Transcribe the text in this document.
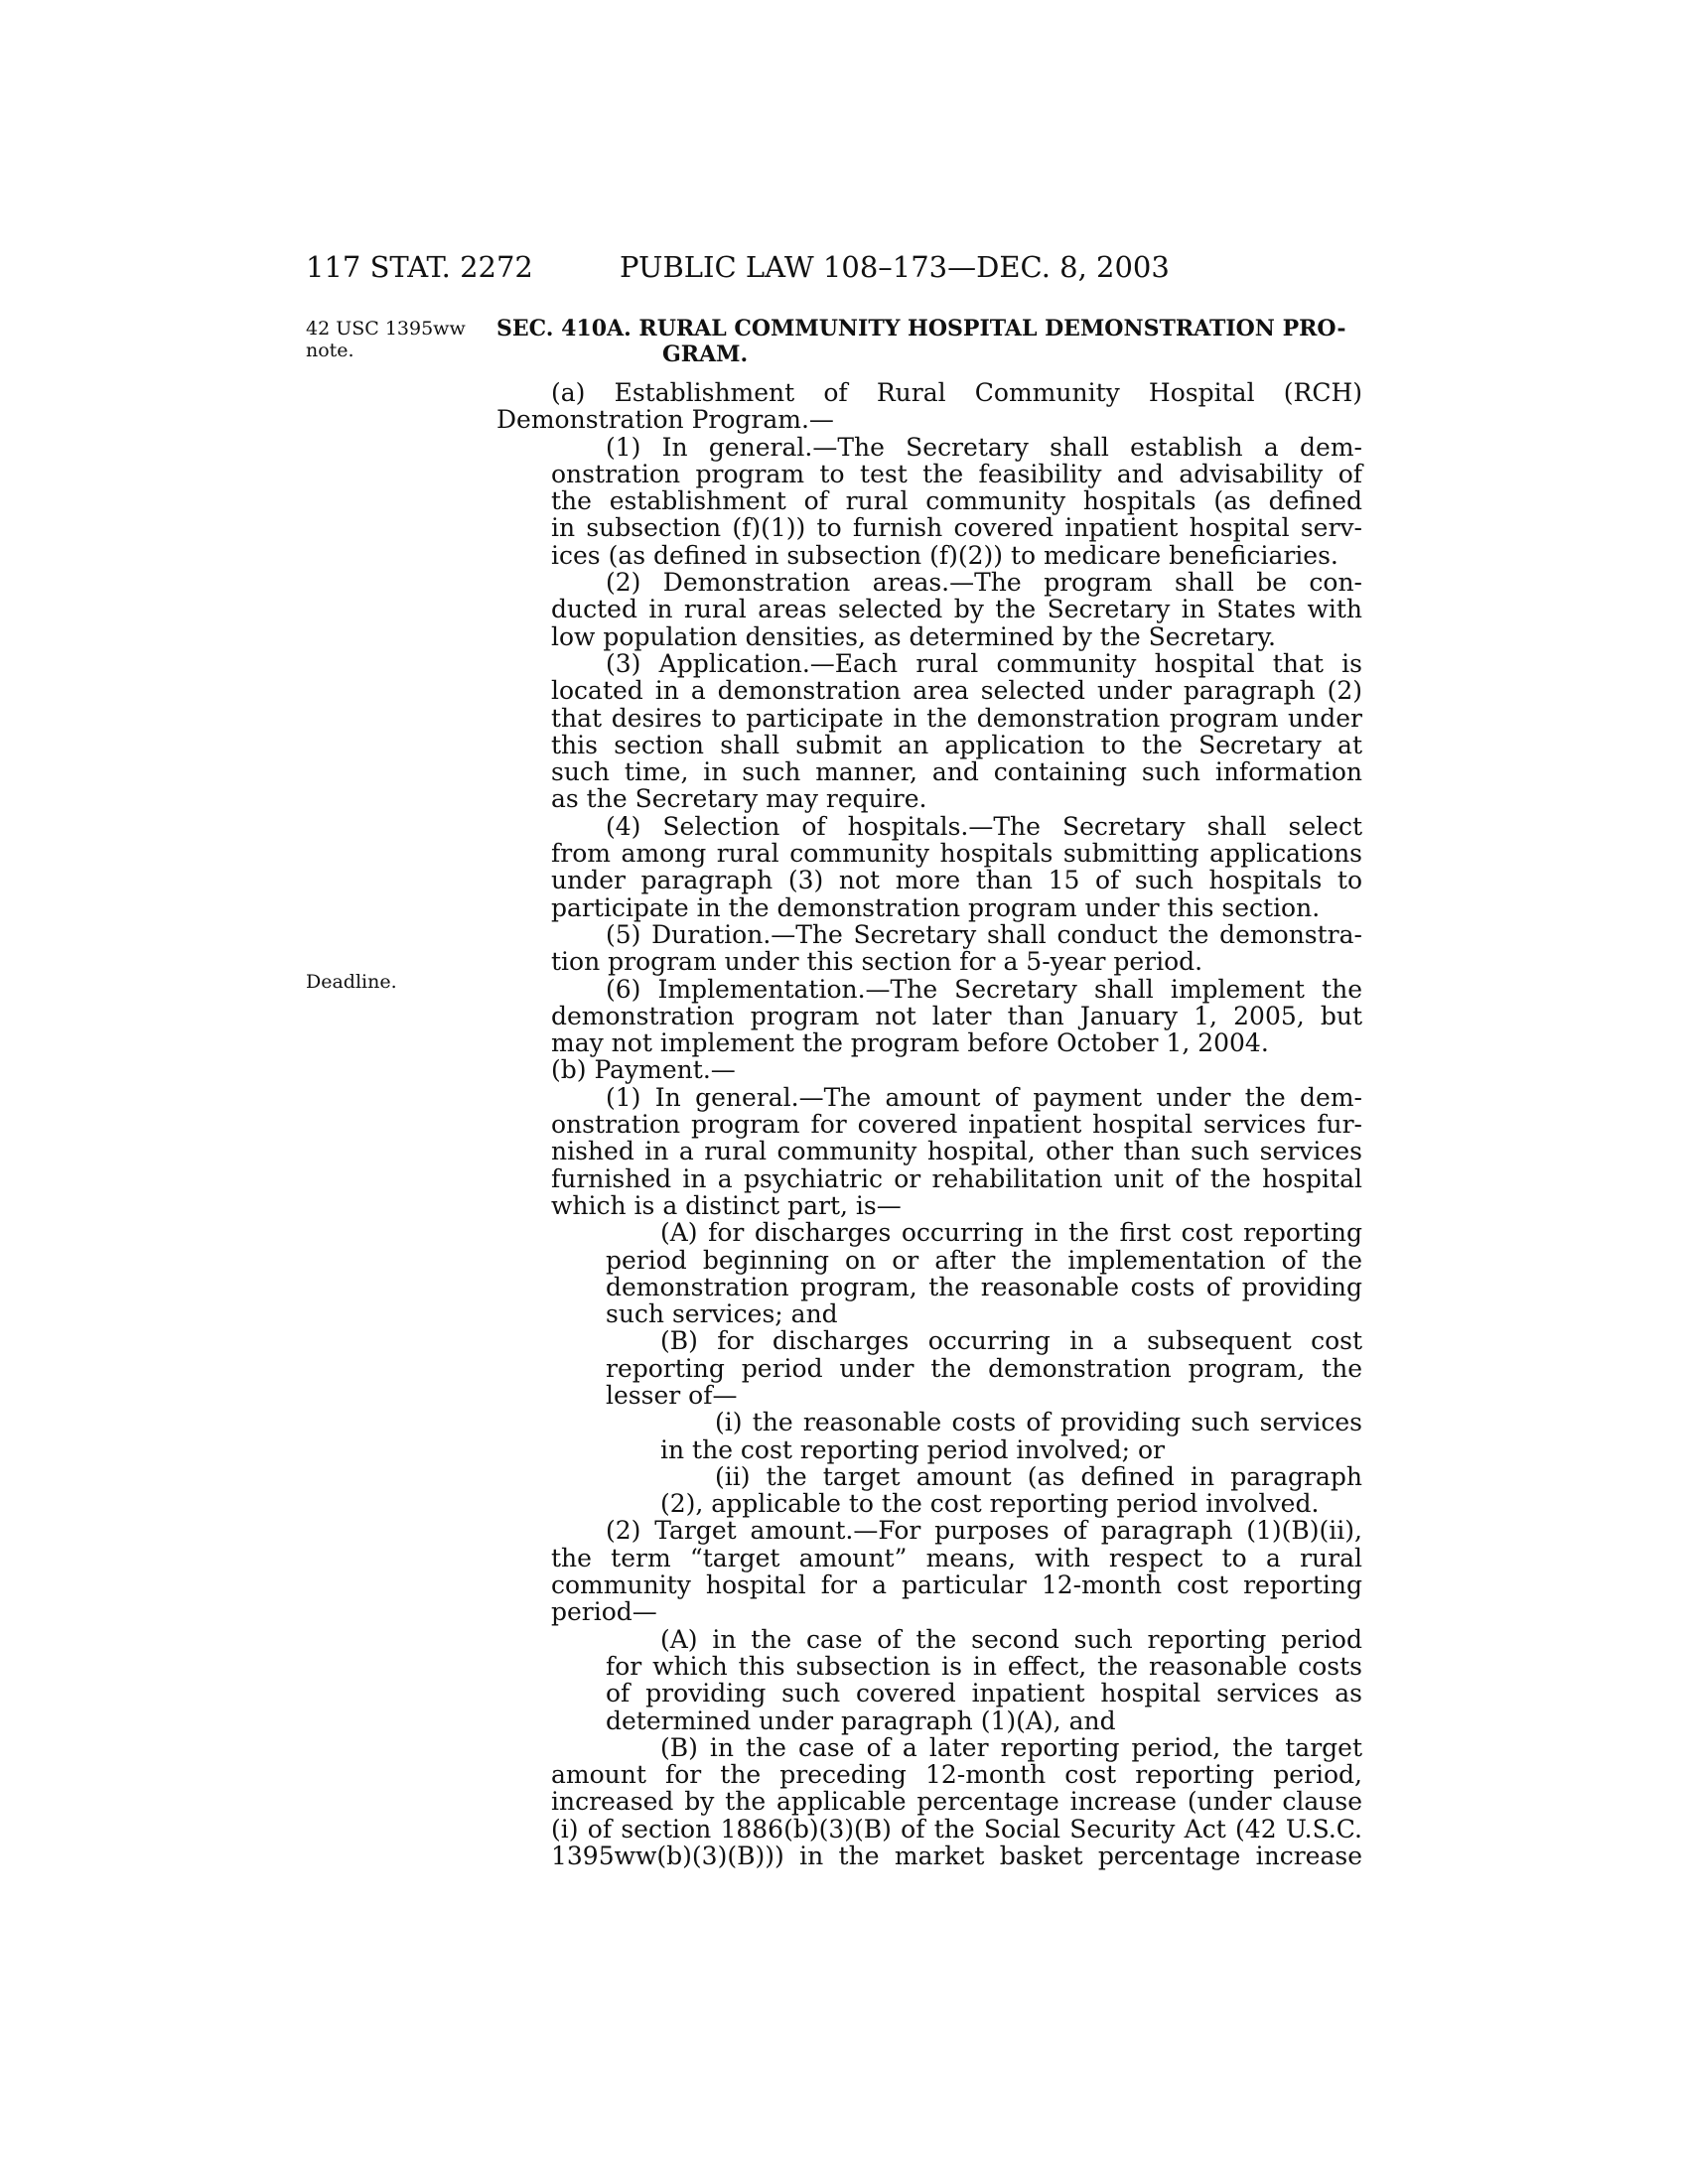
117 STAT. 2272	PUBLIC LAW 108–173—DEC. 8, 2003
42 USC 1395ww
note.
Deadline.
SEC. 410A. RURAL COMMUNITY HOSPITAL DEMONSTRATION PRO-
GRAM.
(a) Establishment of Rural Community Hospital (RCH)
Demonstration Program.—
(1) In general.—The Secretary shall establish a dem-
onstration program to test the feasibility and advisability of
the establishment of rural community hospitals (as defined
in subsection (f)(1)) to furnish covered inpatient hospital serv-
ices (as defined in subsection (f)(2)) to medicare beneficiaries.
(2) Demonstration areas.—The program shall be con-
ducted in rural areas selected by the Secretary in States with
low population densities, as determined by the Secretary.
(3) Application.—Each rural community hospital that is
located in a demonstration area selected under paragraph (2)
that desires to participate in the demonstration program under
this section shall submit an application to the Secretary at
such time, in such manner, and containing such information
as the Secretary may require.
(4) Selection of hospitals.—The Secretary shall select
from among rural community hospitals submitting applications
under paragraph (3) not more than 15 of such hospitals to
participate in the demonstration program under this section.
(5) Duration.—The Secretary shall conduct the demonstra-
tion program under this section for a 5-year period.
(6) Implementation.—The Secretary shall implement the
demonstration program not later than January 1, 2005, but
may not implement the program before October 1, 2004.
(b) Payment.—
(1) In general.—The amount of payment under the dem-
onstration program for covered inpatient hospital services fur-
nished in a rural community hospital, other than such services
furnished in a psychiatric or rehabilitation unit of the hospital
which is a distinct part, is—
(A) for discharges occurring in the first cost reporting
period beginning on or after the implementation of the
demonstration program, the reasonable costs of providing
such services; and
(B) for discharges occurring in a subsequent cost
reporting period under the demonstration program, the
lesser of—
(i) the reasonable costs of providing such services
in the cost reporting period involved; or
(ii) the target amount (as defined in paragraph
(2), applicable to the cost reporting period involved.
(2) Target amount.—For purposes of paragraph (1)(B)(ii),
the term “target amount” means, with respect to a rural
community hospital for a particular 12-month cost reporting
period—
(A) in the case of the second such reporting period
for which this subsection is in effect, the reasonable costs
of providing such covered inpatient hospital services as
determined under paragraph (1)(A), and
(B) in the case of a later reporting period, the target
amount for the preceding 12-month cost reporting period,
increased by the applicable percentage increase (under clause
(i) of section 1886(b)(3)(B) of the Social Security Act (42 U.S.C.
1395ww(b)(3)(B))) in the market basket percentage increase
